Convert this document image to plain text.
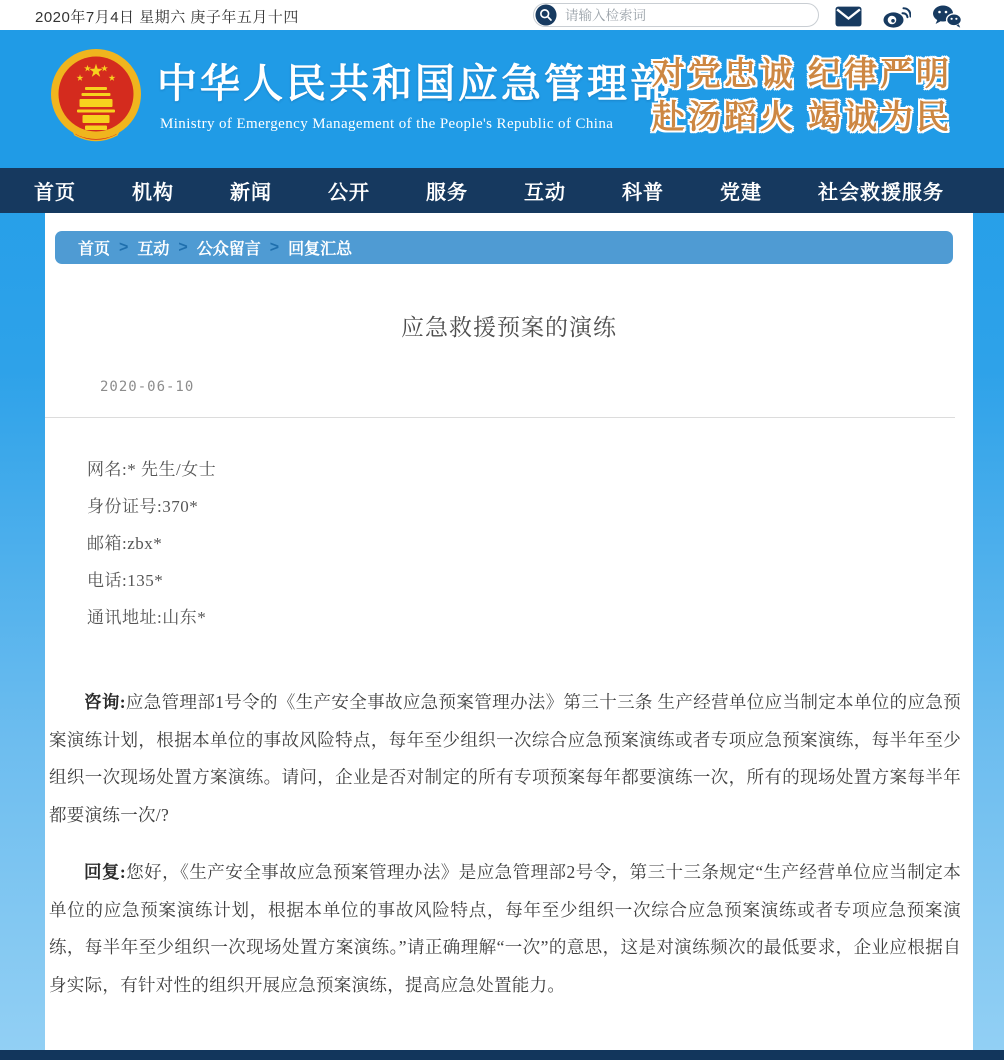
2020年7月4日 星期六 庚子年五月十四
请输入检索词
中华人民共和国应急管理部
Ministry of Emergency Management of the People's Republic of China
对党忠诚 纪律严明
赴汤蹈火 竭诚为民
首页	机构	新闻	公开	服务	互动	科普	党建	社会救援服务
首页 > 互动 > 公众留言 > 回复汇总
应急救援预案的演练
2020-06-10
网名:* 先生/女士
身份证号:370*
邮箱:zbx*
电话:135*
通讯地址:山东*

咨询:应急管理部1号令的《生产安全事故应急预案管理办法》第三十三条 生产经营单位应当制定本单位的应急预案演练计划，根据本单位的事故风险特点，每年至少组织一次综合应急预案演练或者专项应急预案演练，每半年至少组织一次现场处置方案演练。请问，企业是否对制定的所有专项预案每年都要演练一次，所有的现场处置方案每半年都要演练一次/?

回复:您好，《生产安全事故应急预案管理办法》是应急管理部2号令，第三十三条规定“生产经营单位应当制定本单位的应急预案演练计划，根据本单位的事故风险特点，每年至少组织一次综合应急预案演练或者专项应急预案演练，每半年至少组织一次现场处置方案演练。”请正确理解“一次”的意思，这是对演练频次的最低要求，企业应根据自身实际，有针对性的组织开展应急预案演练，提高应急处置能力。
